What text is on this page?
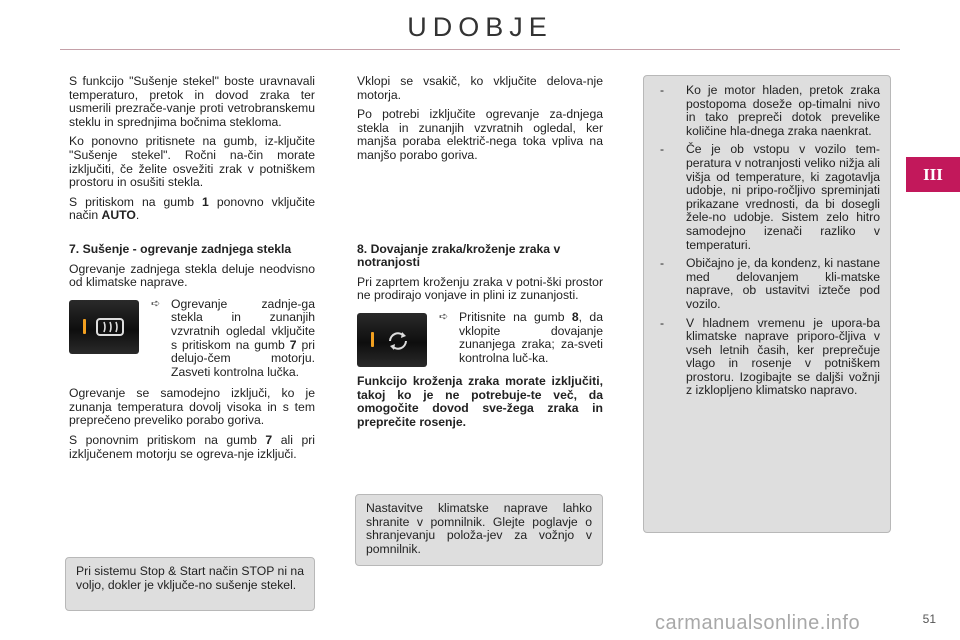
UDOBJE
III

S funkcijo "Sušenje stekel" boste uravnavali temperaturo, pretok in dovod zraka ter usmerili prezrače-vanje proti vetrobranskemu steklu in sprednjima bočnima stekloma.

Ko ponovno pritisnete na gumb, iz-ključite "Sušenje stekel". Ročni na-čin morate izključiti, če želite osvežiti zrak v potniškem prostoru in osušiti stekla.

S pritiskom na gumb 1 ponovno vključite način AUTO.

7. Sušenje - ogrevanje zadnjega stekla

Ogrevanje zadnjega stekla deluje neodvisno od klimatske naprave.

➪ Ogrevanje zadnje-ga stekla in zunanjih vzvratnih ogledal vključite s pritiskom na gumb 7 pri delujo-čem motorju. Zasveti kontrolna lučka.

Ogrevanje se samodejno izključi, ko je zunanja temperatura dovolj visoka in s tem preprečeno preveliko porabo goriva.

S ponovnim pritiskom na gumb 7 ali pri izključenem motorju se ogreva-nje izključi.

Pri sistemu Stop & Start način STOP ni na voljo, dokler je vključe-no sušenje stekel.

Vklopi se vsakič, ko vključite delova-nje motorja.

Po potrebi izključite ogrevanje za-dnjega stekla in zunanjih vzvratnih ogledal, ker manjša poraba električ-nega toka vpliva na manjšo porabo goriva.

8. Dovajanje zraka/kroženje zraka v notranjosti

Pri zaprtem kroženju zraka v potni-ški prostor ne prodirajo vonjave in plini iz zunanjosti.

➪ Pritisnite na gumb 8, da vklopite dovajanje zunanjega zraka; za-sveti kontrolna luč-ka.

Funkcijo kroženja zraka morate izključiti, takoj ko je ne potrebuje-te več, da omogočite dovod sve-žega zraka in preprečite rosenje.

Nastavitve klimatske naprave lahko shranite v pomnilnik. Glejte poglavje o shranjevanju položa-jev za vožnjo v pomnilnik.
- Ko je motor hladen, pretok zraka postopoma doseže op-timalni nivo in tako prepreči dotok prevelike količine hla-dnega zraka naenkrat.
- Če je ob vstopu v vozilo tem-peratura v notranjosti veliko nižja ali višja od temperature, ki zagotavlja udobje, ni pripo-ročljivo spreminjati prikazane vrednosti, da bi dosegli žele-no udobje. Sistem zelo hitro samodejno izenači razliko v temperaturi.
- Običajno je, da kondenz, ki nastane med delovanjem kli-matske naprave, ob ustavitvi izteče pod vozilo.
- V hladnem vremenu je upora-ba klimatske naprave priporo-čljiva v vseh letnih časih, ker preprečuje vlago in rosenje v potniškem prostoru. Izogibajte se daljši vožnji z izklopljeno klimatsko napravo.
carmanualsonline.info	51
